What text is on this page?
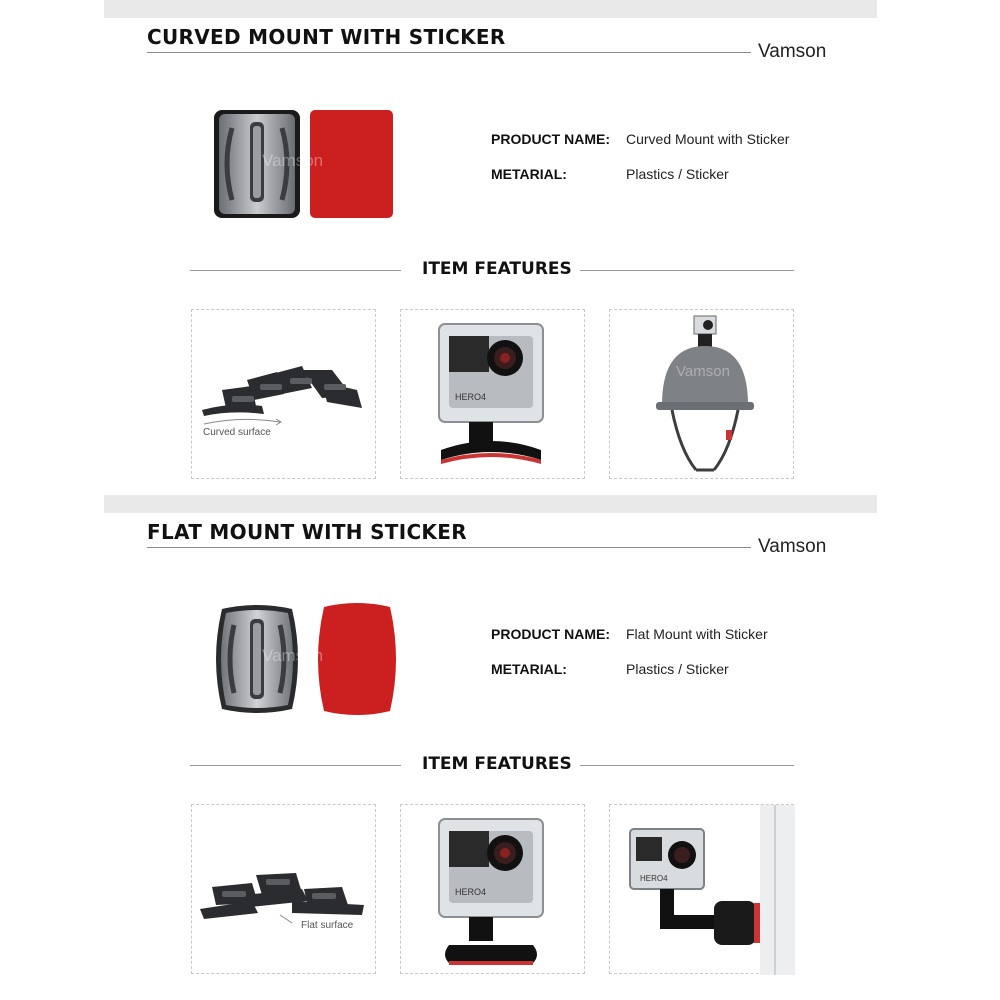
CURVED MOUNT WITH STICKER
Vamson
Vamson
PRODUCT NAME: Curved Mount with Sticker
METARIAL:	Plastics / Sticker
ITEM FEATURES
Curved surface
HERO4
Vamson
FLAT MOUNT WITH STICKER
Vamson
Vamson
PRODUCT NAME: Flat Mount with Sticker
METARIAL:	Plastics / Sticker
ITEM FEATURES
Flat surface
HERO4
HERO4
